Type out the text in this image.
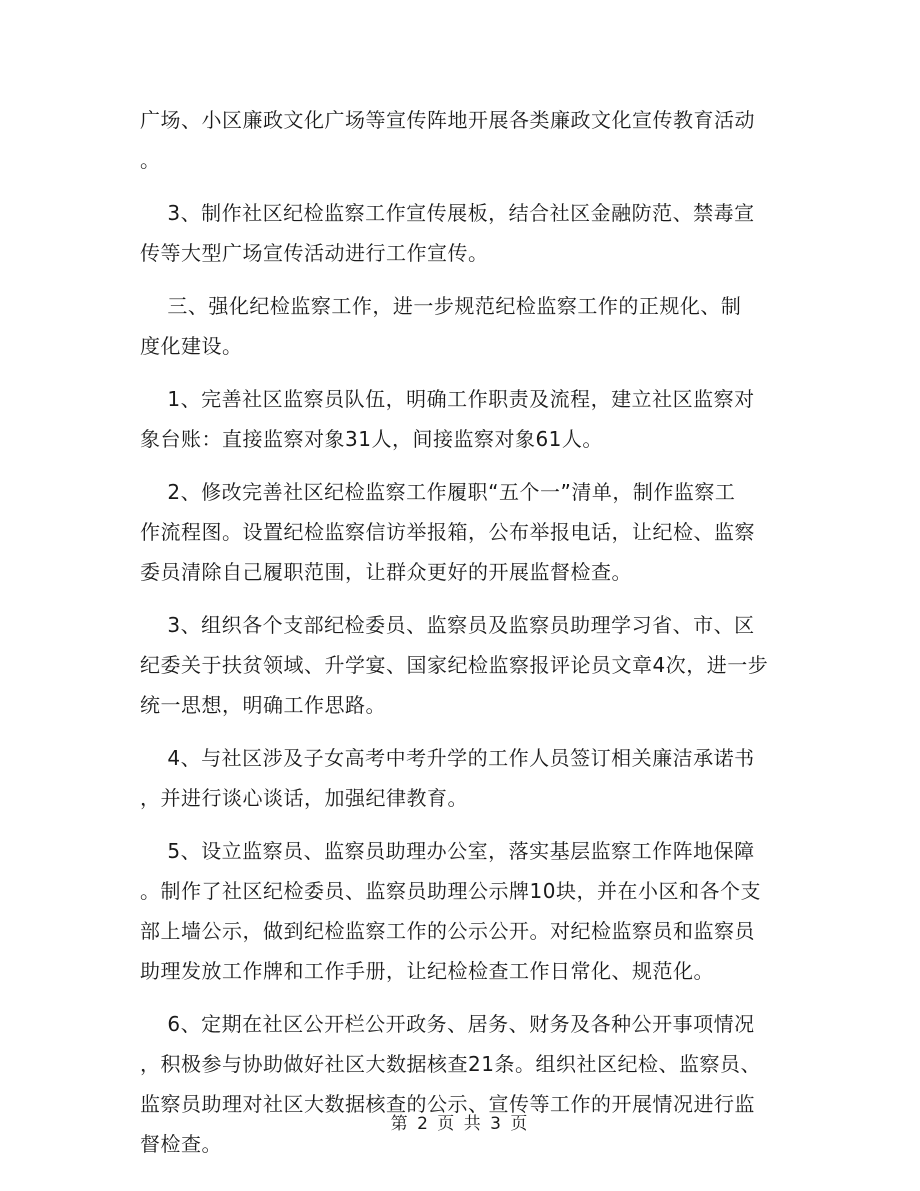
广场、小区廉政文化广场等宣传阵地开展各类廉政文化宣传教育活动
。
3、制作社区纪检监察工作宣传展板，结合社区金融防范、禁毒宣
传等大型广场宣传活动进行工作宣传。
三、强化纪检监察工作，进一步规范纪检监察工作的正规化、制
度化建设。
1、完善社区监察员队伍，明确工作职责及流程，建立社区监察对
象台账：直接监察对象31人，间接监察对象61人。
2、修改完善社区纪检监察工作履职“五个一”清单，制作监察工
作流程图。设置纪检监察信访举报箱，公布举报电话，让纪检、监察
委员清除自己履职范围，让群众更好的开展监督检查。
3、组织各个支部纪检委员、监察员及监察员助理学习省、市、区
纪委关于扶贫领域、升学宴、国家纪检监察报评论员文章4次，进一步
统一思想，明确工作思路。
4、与社区涉及子女高考中考升学的工作人员签订相关廉洁承诺书
，并进行谈心谈话，加强纪律教育。
5、设立监察员、监察员助理办公室，落实基层监察工作阵地保障
。制作了社区纪检委员、监察员助理公示牌10块，并在小区和各个支
部上墙公示，做到纪检监察工作的公示公开。对纪检监察员和监察员
助理发放工作牌和工作手册，让纪检检查工作日常化、规范化。
6、定期在社区公开栏公开政务、居务、财务及各种公开事项情况
，积极参与协助做好社区大数据核查21条。组织社区纪检、监察员、
监察员助理对社区大数据核查的公示、宣传等工作的开展情况进行监
督检查。
第 2 页 共 3 页
